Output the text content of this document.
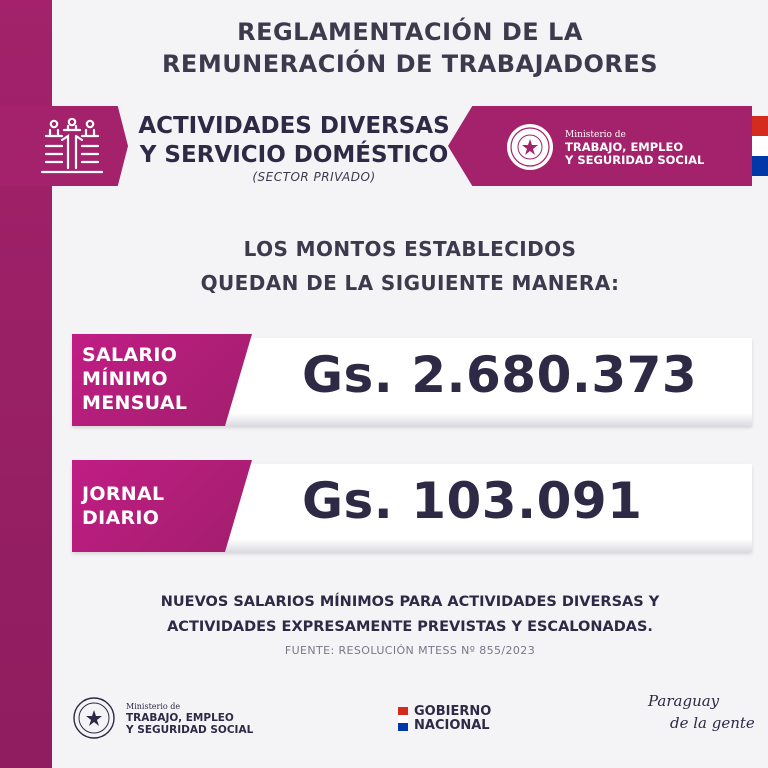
REGLAMENTACIÓN DE LA
REMUNERACIÓN DE TRABAJADORES
ACTIVIDADES DIVERSAS
Y SERVICIO DOMÉSTICO
(SECTOR PRIVADO)
Ministerio de
TRABAJO, EMPLEO
Y SEGURIDAD SOCIAL
LOS MONTOS ESTABLECIDOS
QUEDAN DE LA SIGUIENTE MANERA:
SALARIO
MÍNIMO
MENSUAL Gs. 2.680.373
JORNAL
DIARIO	Gs. 103.091
NUEVOS SALARIOS MÍNIMOS PARA ACTIVIDADES DIVERSAS Y
ACTIVIDADES EXPRESAMENTE PREVISTAS Y ESCALONADAS.
FUENTE: RESOLUCIÓN MTESS Nº 855/2023
Ministerio de
TRABAJO, EMPLEO
Y SEGURIDAD SOCIAL
GOBIERNO
NACIONAL
Paraguay
de la gente
